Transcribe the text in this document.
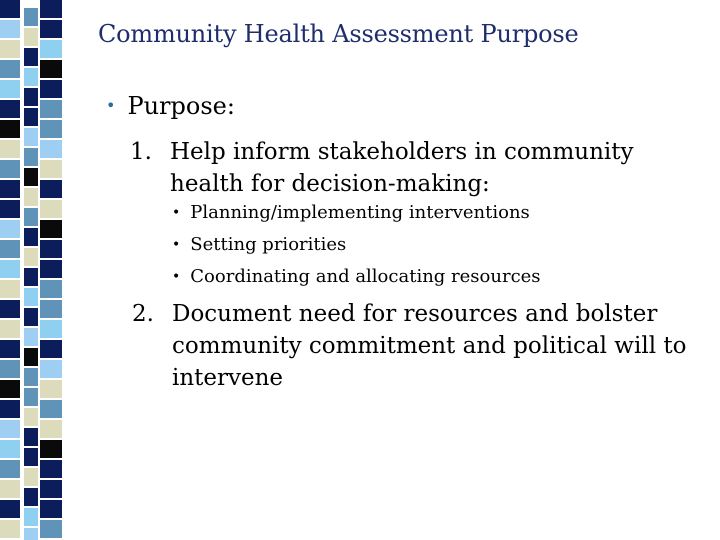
Community Health Assessment Purpose
• Purpose:
1. Help inform stakeholders in community
health for decision-making:
• Planning/implementing interventions
• Setting priorities
• Coordinating and allocating resources
2. Document need for resources and bolster
community commitment and political will to
intervene
